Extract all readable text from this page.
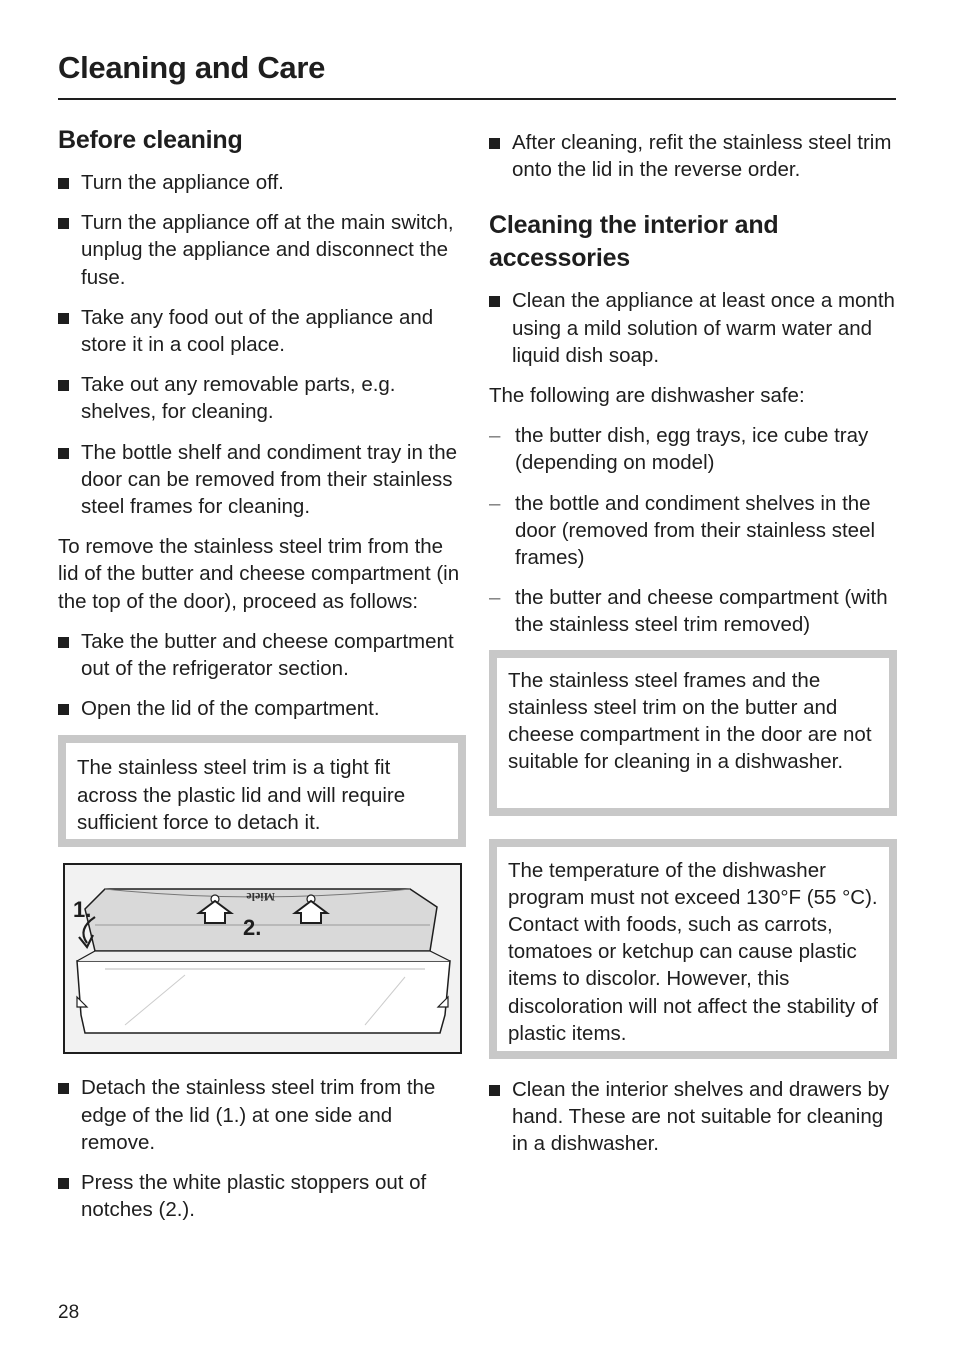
Cleaning and Care
Before cleaning
Turn the appliance off.
Turn the appliance off at the main switch, unplug the appliance and disconnect the fuse.
Take any food out of the appliance and store it in a cool place.
Take out any removable parts, e.g. shelves, for cleaning.
The bottle shelf and condiment tray in the door can be removed from their stainless steel frames for cleaning.

To remove the stainless steel trim from the lid of the butter and cheese compartment (in the top of the door), proceed as follows:

Take the butter and cheese compartment out of the refrigerator section.
Open the lid of the compartment.
The stainless steel trim is a tight fit across the plastic lid and will require sufficient force to detach it.
Miele
1.
2.
Detach the stainless steel trim from the edge of the lid (1.) at one side and remove.
Press the white plastic stoppers out of notches (2.).
After cleaning, refit the stainless steel trim onto the lid in the reverse order.
Cleaning the interior and accessories
Clean the appliance at least once a month using a mild solution of warm water and liquid dish soap.

The following are dishwasher safe:

– the butter dish, egg trays, ice cube tray (depending on model)
– the bottle and condiment shelves in the door (removed from their stainless steel frames)
– the butter and cheese compartment (with the stainless steel trim removed)
The stainless steel frames and the stainless steel trim on the butter and cheese compartment in the door are not suitable for cleaning in a dishwasher.
The temperature of the dishwasher program must not exceed 130°F (55 °C). Contact with foods, such as carrots, tomatoes or ketchup can cause plastic items to discolor. However, this discoloration will not affect the stability of plastic items.
Clean the interior shelves and drawers by hand. These are not suitable for cleaning in a dishwasher.
28
